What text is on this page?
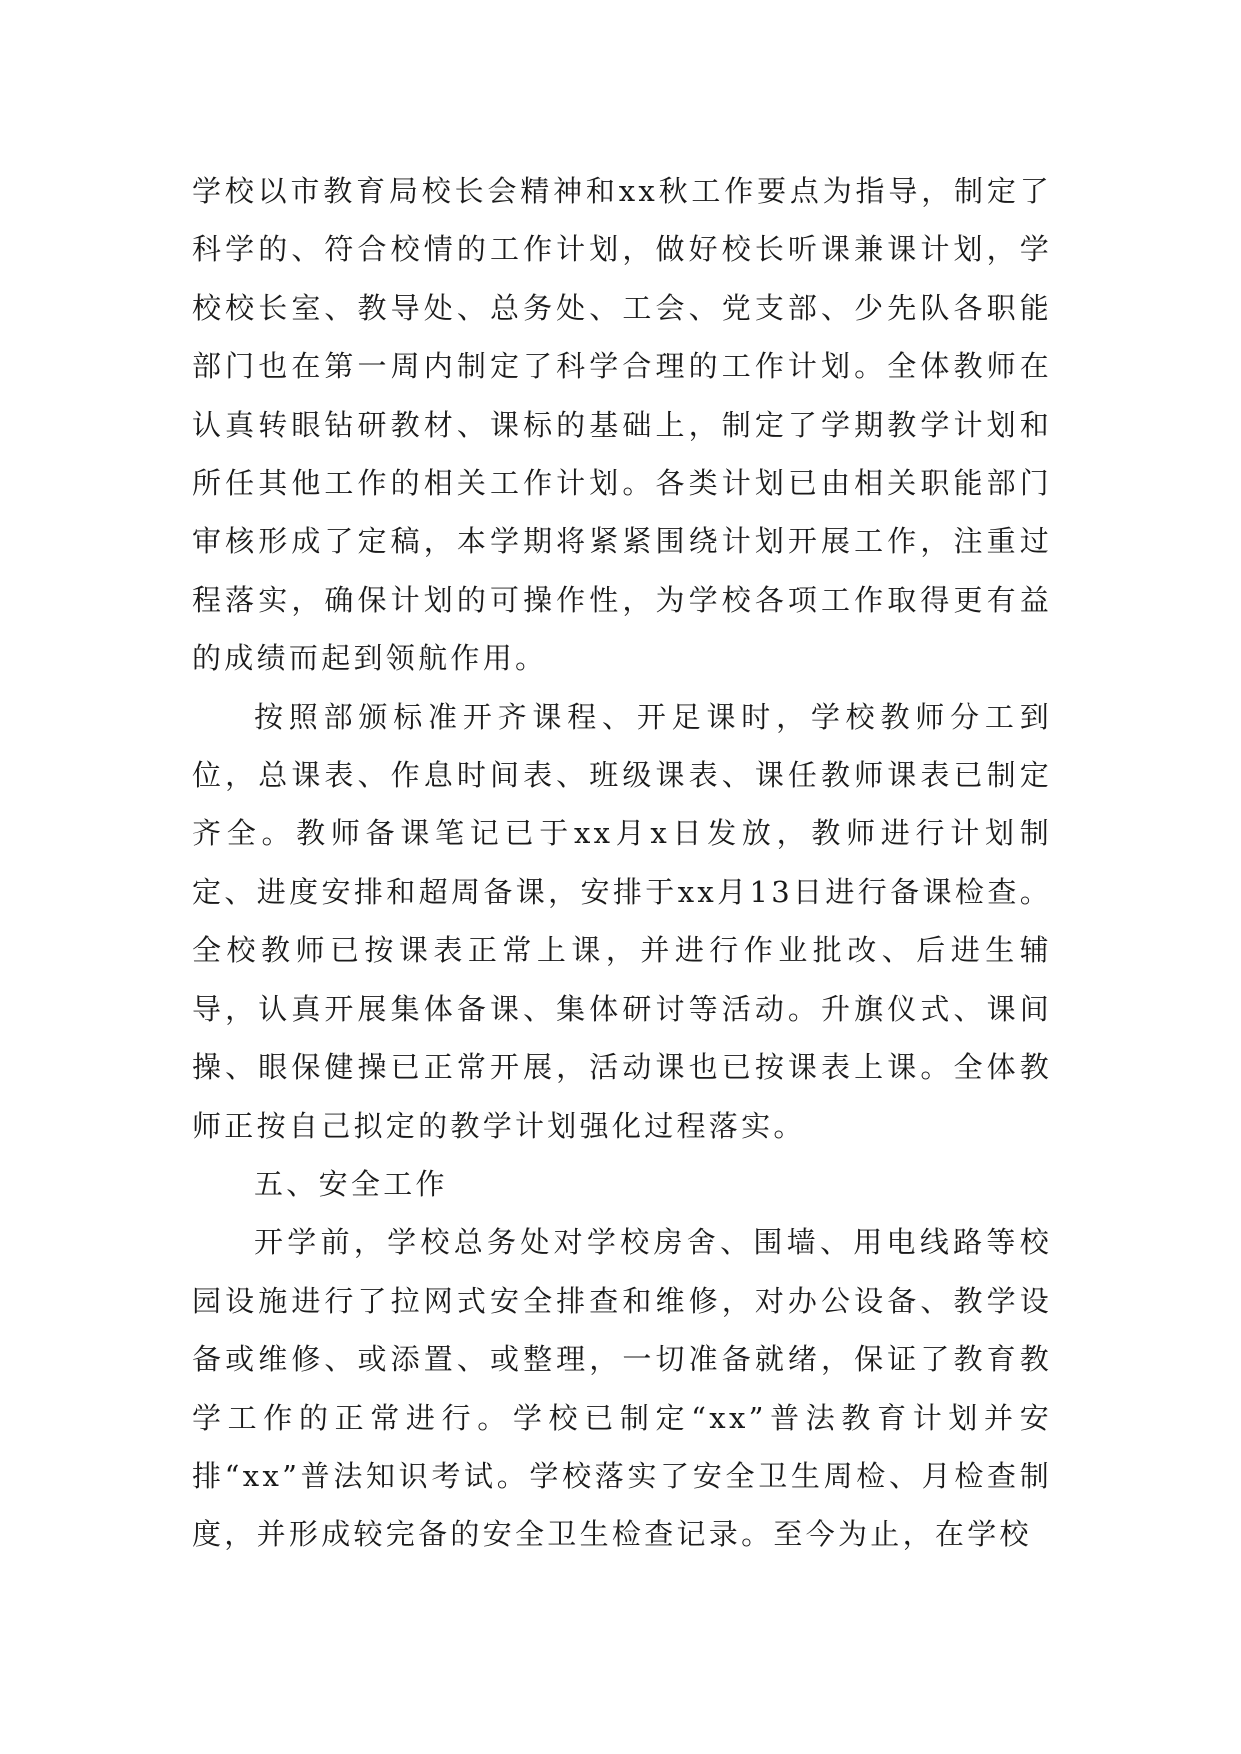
学校以市教育局校长会精神和xx秋工作要点为指导，制定了科学的、符合校情的工作计划，做好校长听课兼课计划，学校校长室、教导处、总务处、工会、党支部、少先队各职能部门也在第一周内制定了科学合理的工作计划。全体教师在认真转眼钻研教材、课标的基础上，制定了学期教学计划和所任其他工作的相关工作计划。各类计划已由相关职能部门审核形成了定稿，本学期将紧紧围绕计划开展工作，注重过程落实，确保计划的可操作性，为学校各项工作取得更有益的成绩而起到领航作用。

按照部颁标准开齐课程、开足课时，学校教师分工到位，总课表、作息时间表、班级课表、课任教师课表已制定齐全。教师备课笔记已于xx月x日发放，教师进行计划制定、进度安排和超周备课，安排于xx月13日进行备课检查。全校教师已按课表正常上课，并进行作业批改、后进生辅导，认真开展集体备课、集体研讨等活动。升旗仪式、课间操、眼保健操已正常开展，活动课也已按课表上课。全体教师正按自己拟定的教学计划强化过程落实。

五、安全工作

开学前，学校总务处对学校房舍、围墙、用电线路等校园设施进行了拉网式安全排查和维修，对办公设备、教学设备或维修、或添置、或整理，一切准备就绪，保证了教育教学工作的正常进行。学校已制定“xx”普法教育计划并安排“xx”普法知识考试。学校落实了安全卫生周检、月检查制度，并形成较完备的安全卫生检查记录。至今为止，在学校
